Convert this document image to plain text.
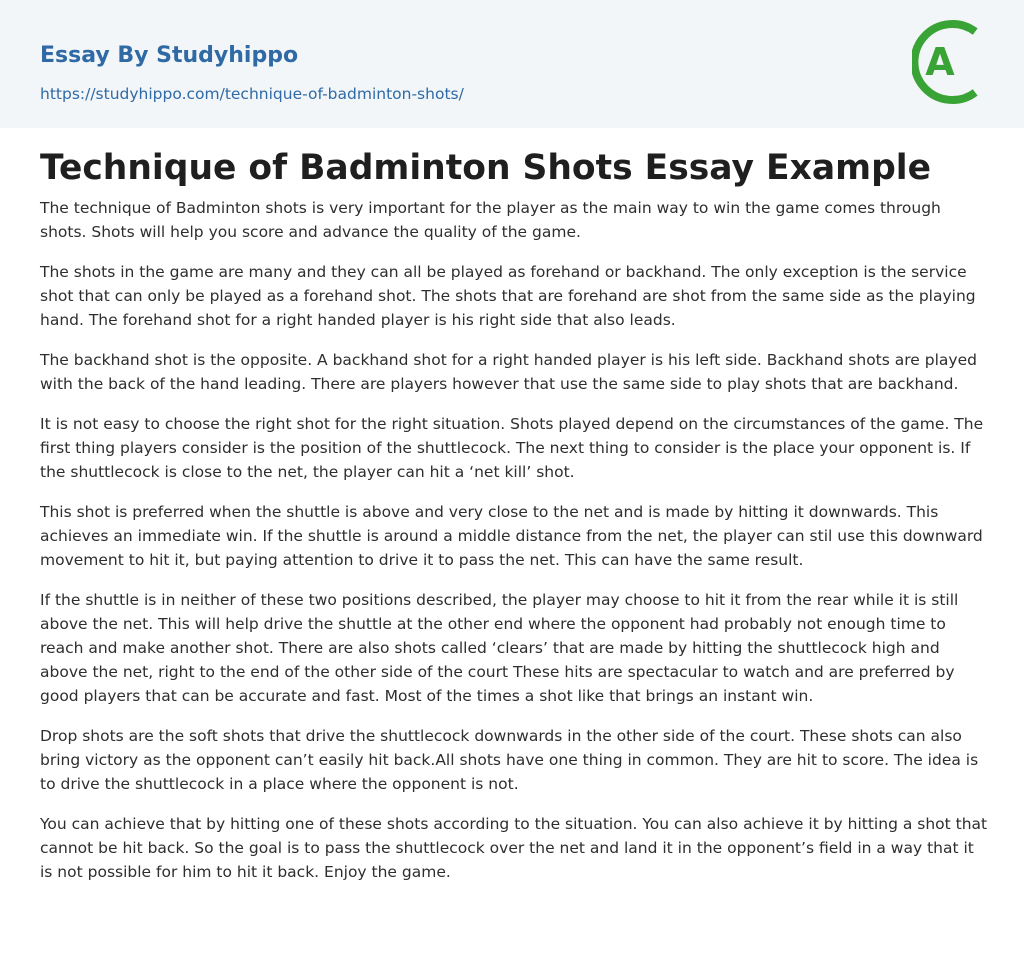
Essay By Studyhippo
https://studyhippo.com/technique-of-badminton-shots/
A
Technique of Badminton Shots Essay Example

The technique of Badminton shots is very important for the player as the main way to win the game comes through shots. Shots will help you score and advance the quality of the game.

The shots in the game are many and they can all be played as forehand or backhand. The only exception is the service shot that can only be played as a forehand shot. The shots that are forehand are shot from the same side as the playing hand. The forehand shot for a right handed player is his right side that also leads.

The backhand shot is the opposite. A backhand shot for a right handed player is his left side. Backhand shots are played with the back of the hand leading. There are players however that use the same side to play shots that are backhand.

It is not easy to choose the right shot for the right situation. Shots played depend on the circumstances of the game. The first thing players consider is the position of the shuttlecock. The next thing to consider is the place your opponent is. If the shuttlecock is close to the net, the player can hit a ‘net kill’ shot.

This shot is preferred when the shuttle is above and very close to the net and is made by hitting it downwards. This achieves an immediate win. If the shuttle is around a middle distance from the net, the player can stil use this downward movement to hit it, but paying attention to drive it to pass the net. This can have the same result.

If the shuttle is in neither of these two positions described, the player may choose to hit it from the rear while it is still above the net. This will help drive the shuttle at the other end where the opponent had probably not enough time to reach and make another shot. There are also shots called ‘clears’ that are made by hitting the shuttlecock high and above the net, right to the end of the other side of the court These hits are spectacular to watch and are preferred by good players that can be accurate and fast. Most of the times a shot like that brings an instant win.

Drop shots are the soft shots that drive the shuttlecock downwards in the other side of the court. These shots can also bring victory as the opponent can’t easily hit back.All shots have one thing in common. They are hit to score. The idea is to drive the shuttlecock in a place where the opponent is not.

You can achieve that by hitting one of these shots according to the situation. You can also achieve it by hitting a shot that cannot be hit back. So the goal is to pass the shuttlecock over the net and land it in the opponent’s field in a way that it is not possible for him to hit it back. Enjoy the game.
